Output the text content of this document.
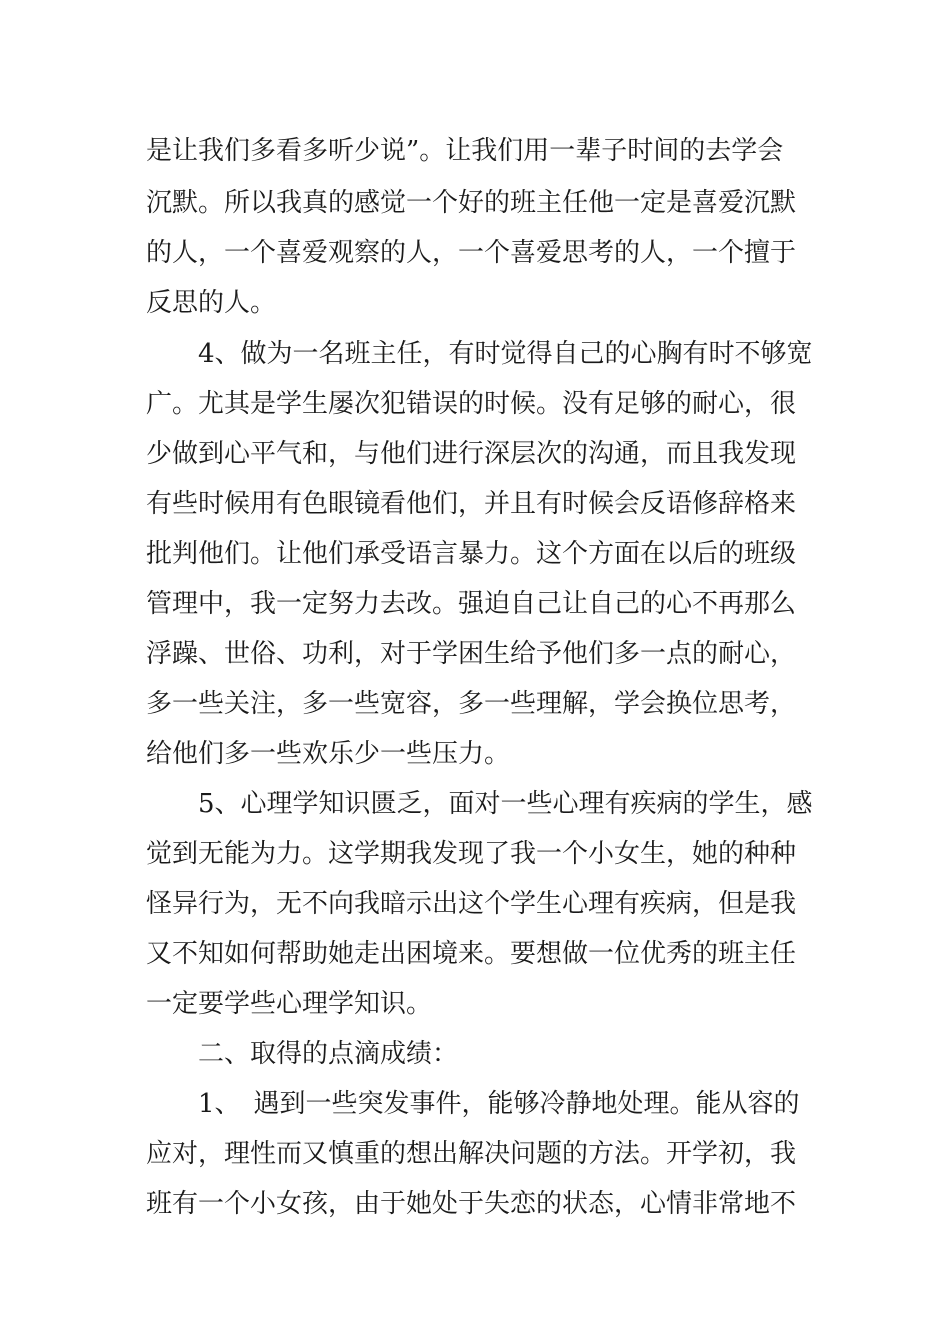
是让我们多看多听少说”。让我们用一辈子时间的去学会
沉默。所以我真的感觉一个好的班主任他一定是喜爱沉默
的人，一个喜爱观察的人，一个喜爱思考的人，一个擅于
反思的人。
4、做为一名班主任，有时觉得自己的心胸有时不够宽
广。尤其是学生屡次犯错误的时候。没有足够的耐心，很
少做到心平气和，与他们进行深层次的沟通，而且我发现
有些时候用有色眼镜看他们，并且有时候会反语修辞格来
批判他们。让他们承受语言暴力。这个方面在以后的班级
管理中，我一定努力去改。强迫自己让自己的心不再那么
浮躁、世俗、功利，对于学困生给予他们多一点的耐心，
多一些关注，多一些宽容，多一些理解，学会换位思考，
给他们多一些欢乐少一些压力。
5、心理学知识匮乏，面对一些心理有疾病的学生，感
觉到无能为力。这学期我发现了我一个小女生，她的种种
怪异行为，无不向我暗示出这个学生心理有疾病，但是我
又不知如何帮助她走出困境来。要想做一位优秀的班主任
一定要学些心理学知识。
二、取得的点滴成绩：
1、　遇到一些突发事件，能够冷静地处理。能从容的
应对，理性而又慎重的想出解决问题的方法。开学初，我
班有一个小女孩，由于她处于失恋的状态，心情非常地不
